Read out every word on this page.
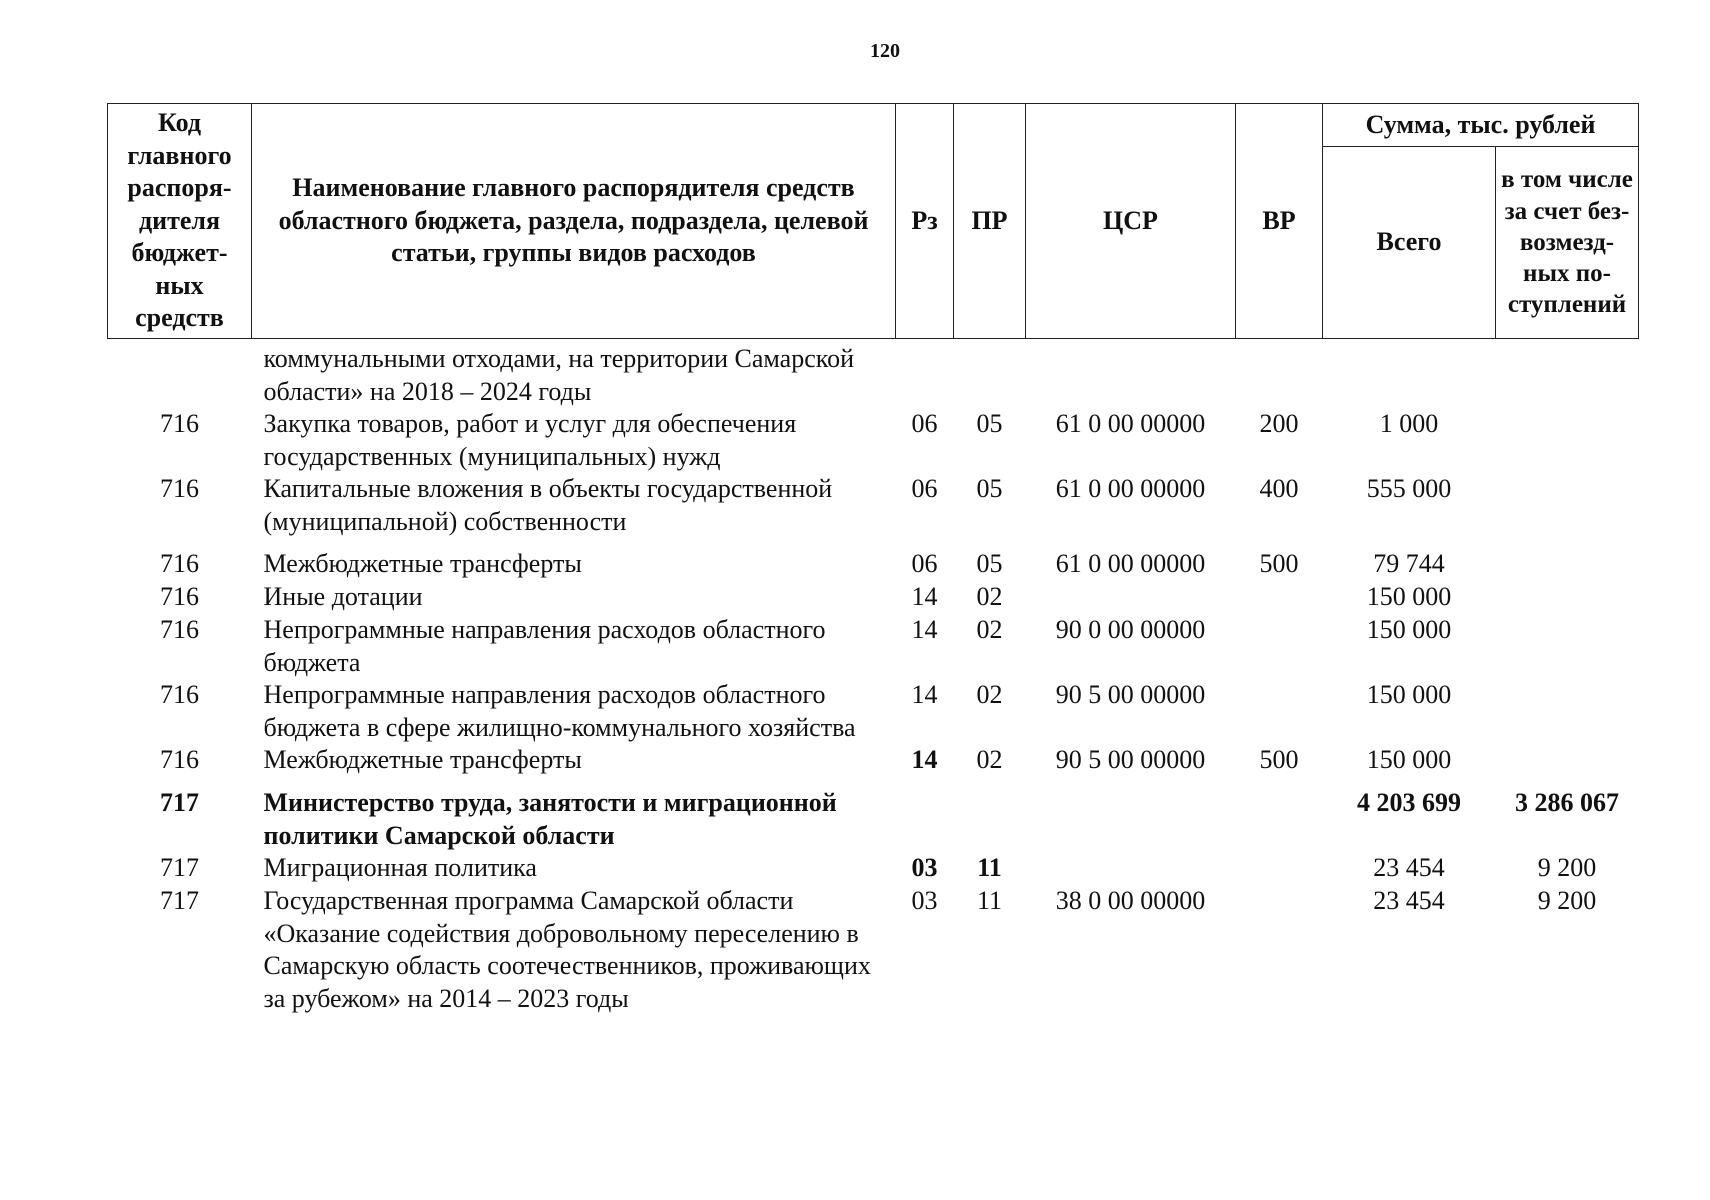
120
Код главного распоря-дителя бюджет-ных средств	Наименование главного распорядителя средств областного бюджета, раздела, подраздела, целевой статьи, группы видов расходов	Рз	ПР	ЦСР	ВР	Сумма, тыс. рублей	
						Всего	в том числе за счет без-возмезд-ных по-ступлений
	коммунальными отходами, на территории Самарской области» на 2018 – 2024 годы						
716	Закупка товаров, работ и услуг для обеспечения государственных (муниципальных) нужд	06	05	61 0 00 00000	200	1 000	
716	Капитальные вложения в объекты государственной (муниципальной) собственности	06	05	61 0 00 00000	400	555 000	
716	Межбюджетные трансферты	06	05	61 0 00 00000	500	79 744	
716	Иные дотации	14	02			150 000	
716	Непрограммные направления расходов областного бюджета	14	02	90 0 00 00000		150 000	
716	Непрограммные направления расходов областного бюджета в сфере жилищно-коммунального хозяйства	14	02	90 5 00 00000		150 000	
716	Межбюджетные трансферты	14	02	90 5 00 00000	500	150 000	
717	Министерство труда, занятости и миграционной политики Самарской области					4 203 699	3 286 067
717	Миграционная политика	03	11			23 454	9 200
717	Государственная программа Самарской области «Оказание содействия добровольному переселению в Самарскую область соотечественников, проживающих за рубежом» на 2014 – 2023 годы	03	11	38 0 00 00000		23 454	9 200
